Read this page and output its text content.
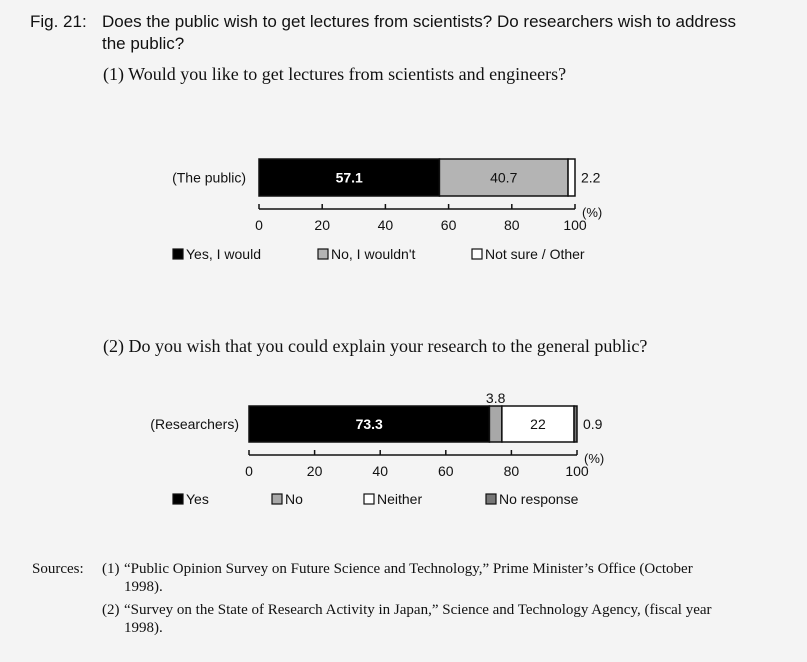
Fig. 21: Does the public wish to get lectures from scientists? Do researchers wish to address
the public?
(1) Would you like to get lectures from scientists and engineers?
(2) Do you wish that you could explain your research to the general public?
(The public)	57.1	40.7	2.2
0	20	40	60	80	100
(%)
Yes, I would	No, I wouldn't	Not sure / Other
(Researchers)	73.3
3.8
22	0.9
0	20	40	60	80	100
(%)
Yes	No	Neither	No response
Sources: (1) “Public Opinion Survey on Future Science and Technology,” Prime Minister’s Office (October 1998).
(2) “Survey on the State of Research Activity in Japan,” Science and Technology Agency, (fiscal year 1998).
